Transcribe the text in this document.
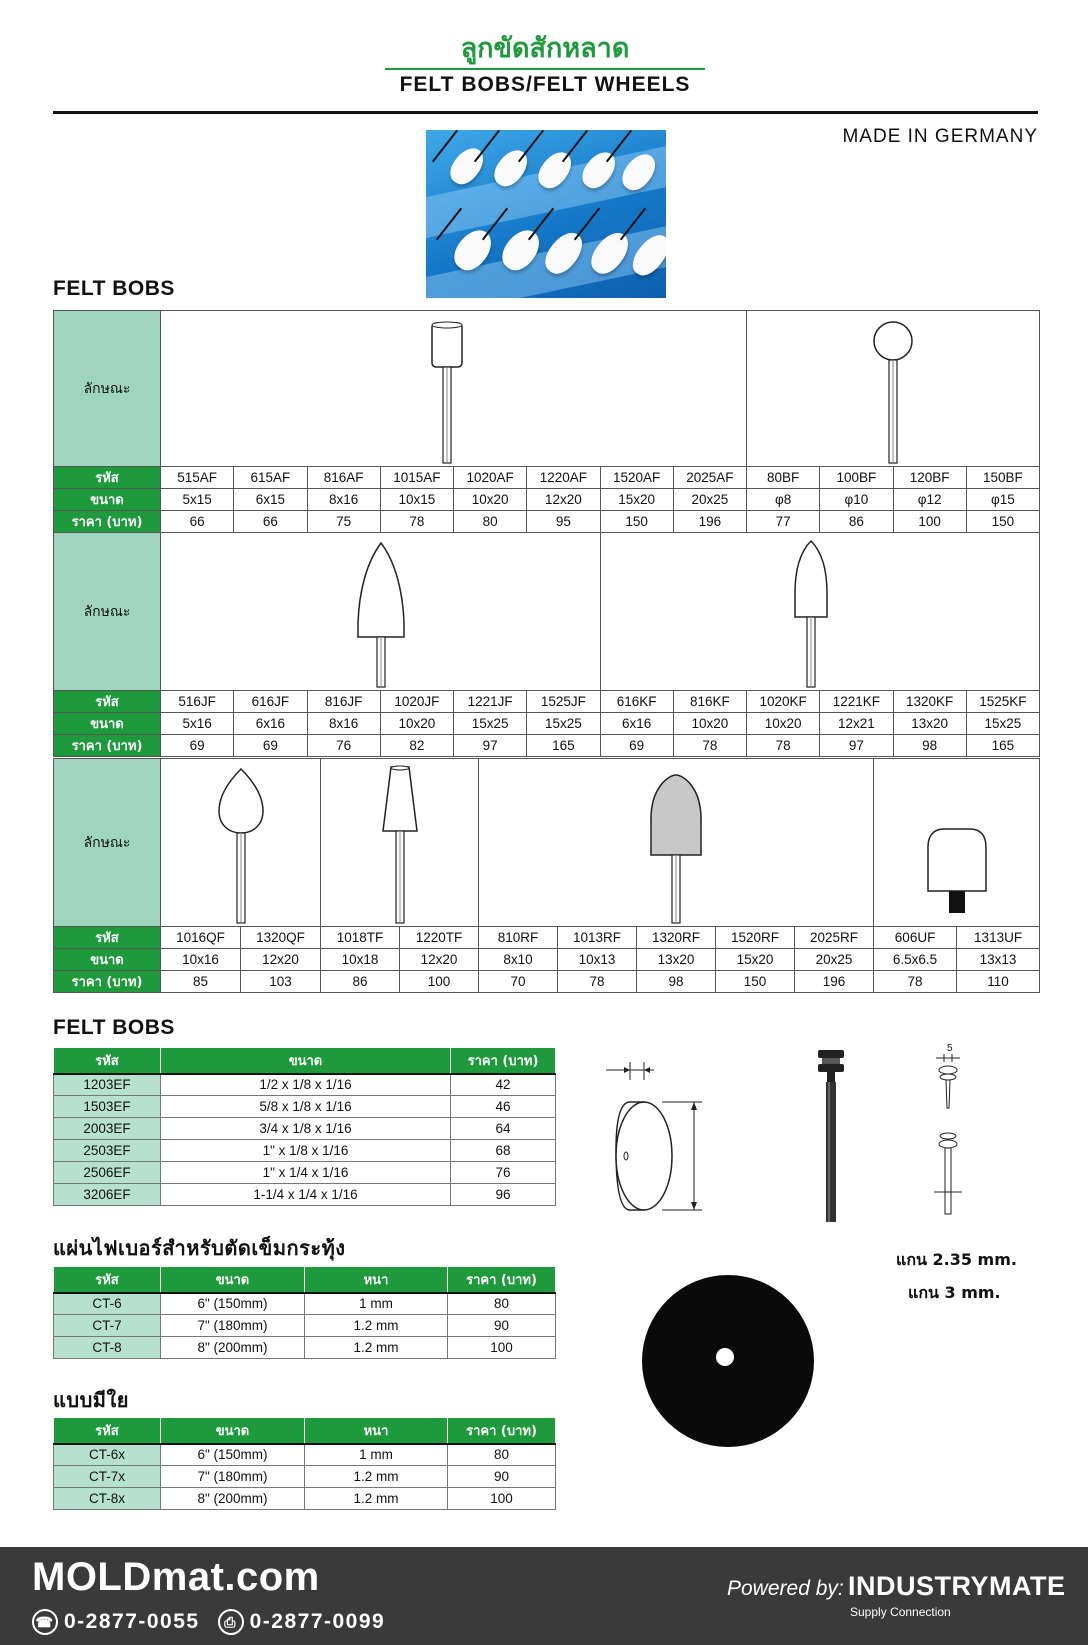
ลูกขัดสักหลาด
FELT BOBS/FELT WHEELS
MADE IN GERMANY
FELT BOBS
ลักษณะ	

รหัส	515AF	615AF	816AF	1015AF	1020AF	1220AF	1520AF	2025AF	80BF	100BF	120BF	150BF
ขนาด	5x15	6x15	8x16	10x15	10x20	12x20	15x20	20x25	φ8	φ10	φ12	φ15
ราคา (บาท)	66	66	75	78	80	95	150	196	77	86	100	150
ลักษณะ	

รหัส	516JF	616JF	816JF	1020JF	1221JF	1525JF	616KF	816KF	1020KF	1221KF	1320KF	1525KF
ขนาด	5x16	6x16	8x16	10x20	15x25	15x25	6x16	10x20	10x20	12x21	13x20	15x25
ราคา (บาท)	69	69	76	82	97	165	69	78	78	97	98	165
ลักษณะ	

รหัส	1016QF	1320QF	1018TF	1220TF	810RF	1013RF	1320RF	1520RF	2025RF	606UF	1313UF
ขนาด	10x16	12x20	10x18	12x20	8x10	10x13	13x20	15x20	20x25	6.5x6.5	13x13
ราคา (บาท)	85	103	86	100	70	78	98	150	196	78	110
FELT BOBS
รหัส	ขนาด	ราคา (บาท)
1203EF	1/2 x 1/8 x 1/16	42
1503EF	5/8 x 1/8 x 1/16	46
2003EF	3/4 x 1/8 x 1/16	64
2503EF	1" x 1/8 x 1/16	68
2506EF	1" x 1/4 x 1/16	76
3206EF	1-1/4 x 1/4 x 1/16	96
แผ่นไฟเบอร์สำหรับตัดเข็มกระทุ้ง
รหัส	ขนาด	หนา	ราคา (บาท)
CT-6	6" (150mm)	1 mm	80
CT-7	7" (180mm)	1.2 mm	90
CT-8	8" (200mm)	1.2 mm	100
แบบมีใย
รหัส	ขนาด	หนา	ราคา (บาท)
CT-6x	6" (150mm)	1 mm	80
CT-7x	7" (180mm)	1.2 mm	90
CT-8x	8" (200mm)	1.2 mm	100
5
แกน 2.35 mm.
แกน 3 mm.
MOLDmat.com
☎ 0-2877-0055	⎙ 0-2877-0099
Powered by: INDUSTRYMATE
Supply Connection
